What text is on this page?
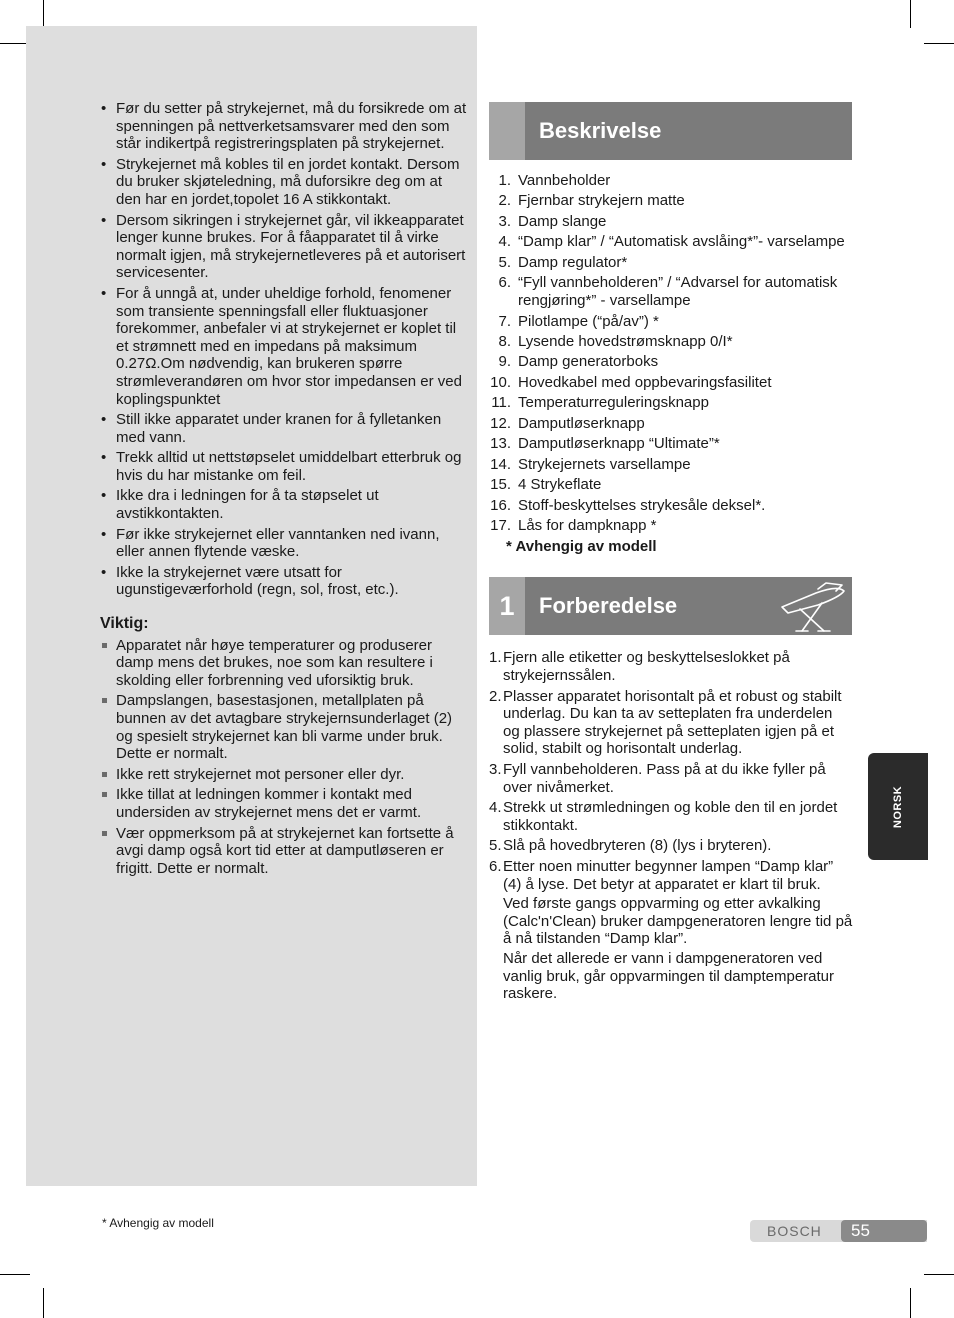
• Før du setter på strykejernet, må du forsikrede om at spenningen på nettverketsamsvarer med den som står indikertpå registreringsplaten på strykejernet.
• Strykejernet må kobles til en jordet kontakt. Dersom du bruker skjøteledning, må duforsikre deg om at den har en jordet,topolet 16 A stikkontakt.
• Dersom sikringen i strykejernet går, vil ikkeapparatet lenger kunne brukes. For å fåapparatet til å virke normalt igjen, må strykejernetleveres på et autorisert servicesenter.
• For å unngå at, under uheldige forhold, fenomener som transiente spenningsfall eller fluktuasjoner forekommer, anbefaler vi at strykejernet er koplet til et strømnett med en impedans på maksimum 0.27Ω.Om nødvendig, kan brukeren spørre strømleverandøren om hvor stor impedansen er ved koplingspunktet
• Still ikke apparatet under kranen for å fylletanken med vann.
• Trekk alltid ut nettstøpselet umiddelbart etterbruk og hvis du har mistanke om feil.
• Ikke dra i ledningen for å ta støpselet ut avstikkontakten.
• Før ikke strykejernet eller vanntanken ned ivann, eller annen flytende væske.
• Ikke la strykejernet være utsatt for ugunstigeværforhold (regn, sol, frost, etc.).
Viktig:
Apparatet når høye temperaturer og produserer damp mens det brukes, noe som kan resultere i skolding eller forbrenning ved uforsiktig bruk.
Dampslangen, basestasjonen, metallplaten på bunnen av det avtagbare strykejernsunderlaget (2) og spesielt strykejernet kan bli varme under bruk. Dette er normalt.
Ikke rett strykejernet mot personer eller dyr.
Ikke tillat at ledningen kommer i kontakt med undersiden av strykejernet mens det er varmt.
Vær oppmerksom på at strykejernet kan fortsette å avgi damp også kort tid etter at damputløseren er frigitt. Dette er normalt.
Beskrivelse
1. Vannbeholder
2. Fjernbar strykejern matte
3. Damp slange
4. “Damp klar” / “Automatisk avslåing*”- varselampe
5. Damp regulator*
6. “Fyll vannbeholderen” / “Advarsel for automatisk rengjøring*” - varsellampe
7. Pilotlampe (“på/av”) *
8. Lysende hovedstrømsknapp 0/I*
9. Damp generatorboks
10. Hovedkabel med oppbevaringsfasilitet
11. Temperaturreguleringsknapp
12. Damputløserknapp
13. Damputløserknapp “Ultimate”*
14. Strykejernets varsellampe
15. 4 Strykeflate
16. Stoff-beskyttelses strykesåle deksel*.
17. Lås for dampknapp *
* Avhengig av modell
1	Forberedelse
1. Fjern alle etiketter og beskyttelseslokket på strykejernssålen.
2. Plasser apparatet horisontalt på et robust og stabilt underlag. Du kan ta av setteplaten fra underdelen og plassere strykejernet på setteplaten igjen på et solid, stabilt og horisontalt underlag.
3. Fyll vannbeholderen. Pass på at du ikke fyller på over nivåmerket.
4. Strekk ut strømledningen og koble den til en jordet stikkontakt.
5. Slå på hovedbryteren (8) (lys i bryteren).
6. Etter noen minutter begynner lampen “Damp klar” (4) å lyse. Det betyr at apparatet er klart til bruk.

Ved første gangs oppvarming og etter avkalking (Calc'n'Clean) bruker dampgeneratoren lengre tid på å nå tilstanden “Damp klar”.

Når det allerede er vann i dampgeneratoren ved vanlig bruk, går oppvarmingen til damptemperatur raskere.

NORSK
* Avhengig av modell	BOSCH 55
